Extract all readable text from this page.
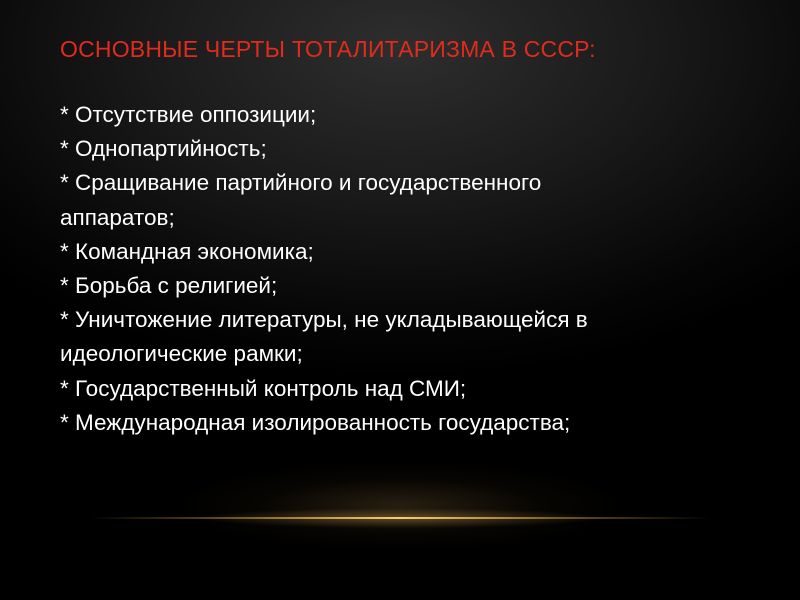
ОСНОВНЫЕ ЧЕРТЫ ТОТАЛИТАРИЗМА В СССР:
* Отсутствие оппозиции;
* Однопартийность;
* Сращивание партийного и государственного
аппаратов;
* Командная экономика;
* Борьба с религией;
* Уничтожение литературы, не укладывающейся в
идеологические рамки;
* Государственный контроль над СМИ;
* Международная изолированность государства;
